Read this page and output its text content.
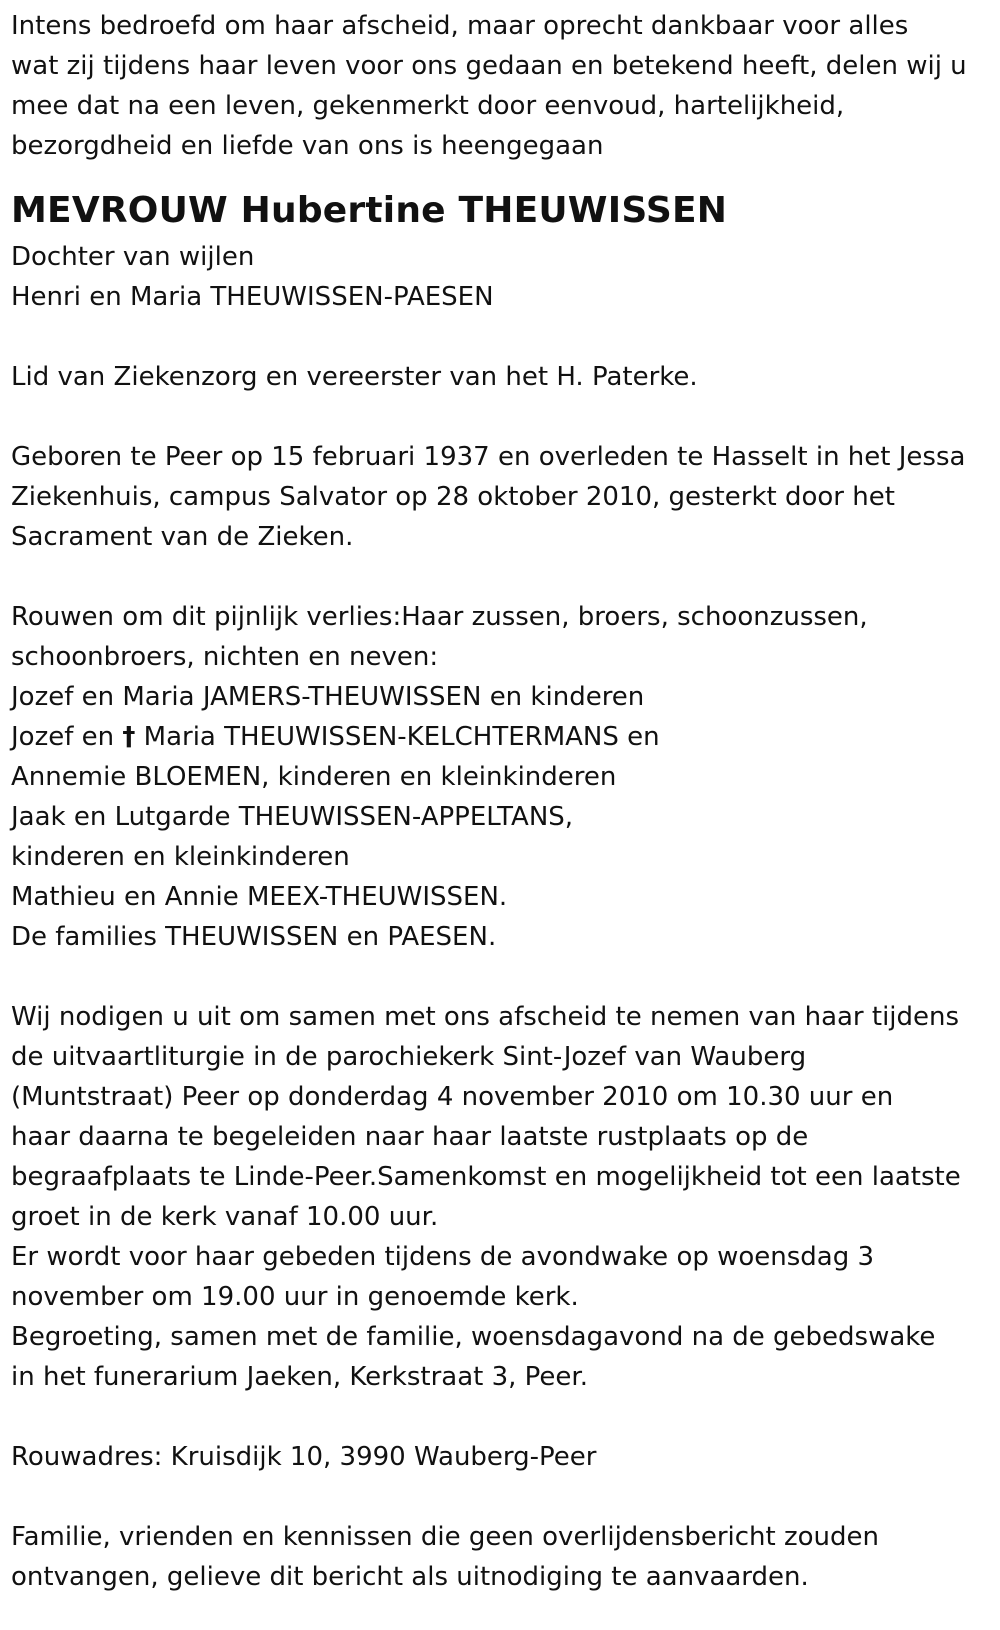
Intens bedroefd om haar afscheid, maar oprecht dankbaar voor alles

wat zij tijdens haar leven voor ons gedaan en betekend heeft, delen wij u

mee dat na een leven, gekenmerkt door eenvoud, hartelijkheid,

bezorgdheid en liefde van ons is heengegaan

MEVROUW Hubertine THEUWISSEN

Dochter van wijlen

Henri en Maria THEUWISSEN-PAESEN

Lid van Ziekenzorg en vereerster van het H. Paterke.

Geboren te Peer op 15 februari 1937 en overleden te Hasselt in het Jessa

Ziekenhuis, campus Salvator op 28 oktober 2010, gesterkt door het

Sacrament van de Zieken.

Rouwen om dit pijnlijk verlies:Haar zussen, broers, schoonzussen,

schoonbroers, nichten en neven:

Jozef en Maria JAMERS-THEUWISSEN en kinderen

Jozef en † Maria THEUWISSEN-KELCHTERMANS en

Annemie BLOEMEN, kinderen en kleinkinderen

Jaak en Lutgarde THEUWISSEN-APPELTANS,

kinderen en kleinkinderen

Mathieu en Annie MEEX-THEUWISSEN.

De families THEUWISSEN en PAESEN.

Wij nodigen u uit om samen met ons afscheid te nemen van haar tijdens

de uitvaartliturgie in de parochiekerk Sint-Jozef van Wauberg

(Muntstraat) Peer op donderdag 4 november 2010 om 10.30 uur en

haar daarna te begeleiden naar haar laatste rustplaats op de

begraafplaats te Linde-Peer.Samenkomst en mogelijkheid tot een laatste

groet in de kerk vanaf 10.00 uur.

Er wordt voor haar gebeden tijdens de avondwake op woensdag 3

november om 19.00 uur in genoemde kerk.

Begroeting, samen met de familie, woensdagavond na de gebedswake

in het funerarium Jaeken, Kerkstraat 3, Peer.

Rouwadres: Kruisdijk 10, 3990 Wauberg-Peer

Familie, vrienden en kennissen die geen overlijdensbericht zouden

ontvangen, gelieve dit bericht als uitnodiging te aanvaarden.
